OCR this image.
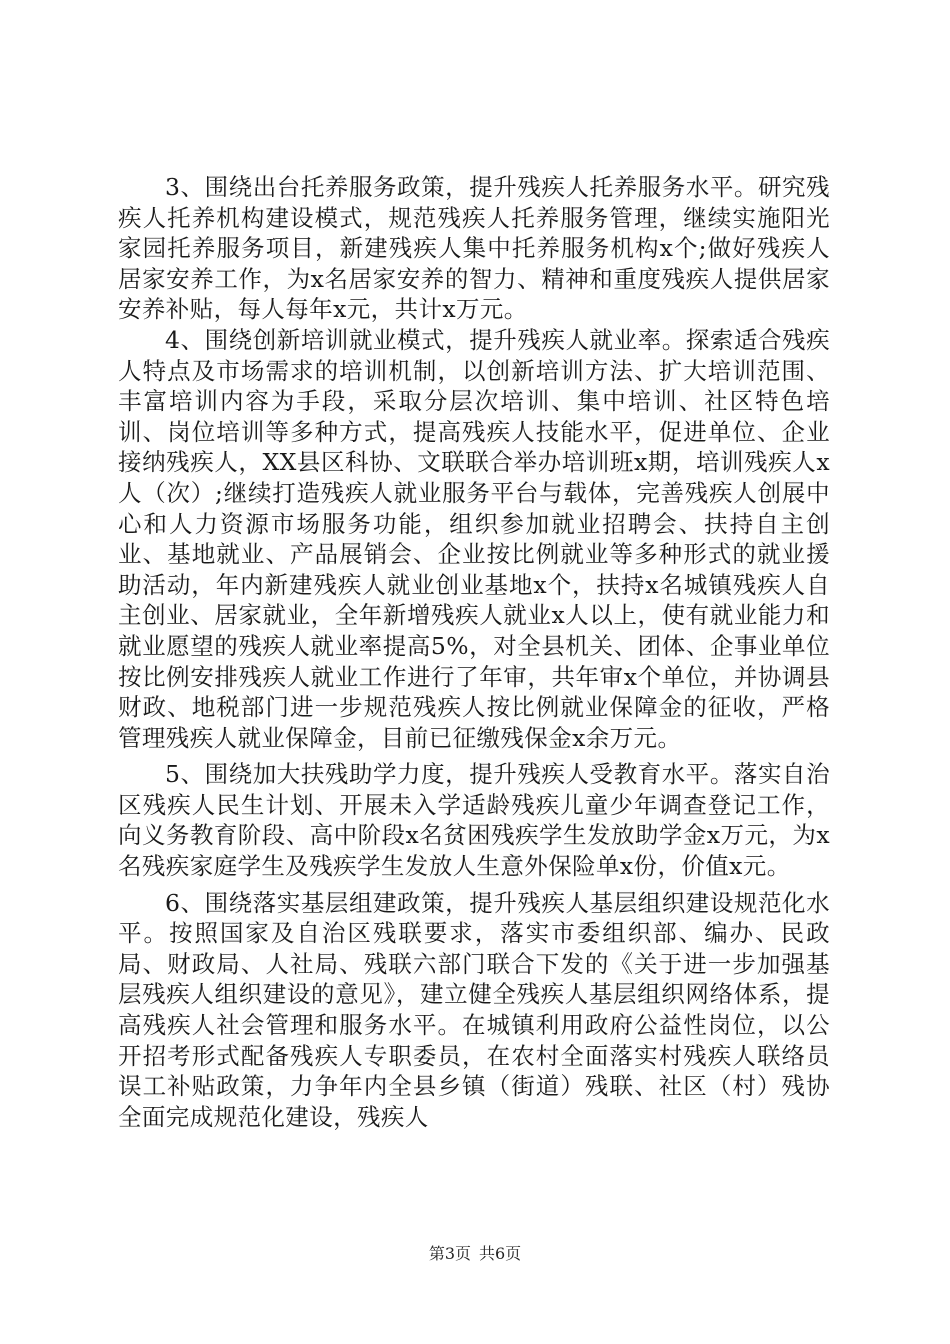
3、围绕出台托养服务政策，提升残疾人托养服务水平。研究残疾人托养机构建设模式，规范残疾人托养服务管理，继续实施阳光家园托养服务项目，新建残疾人集中托养服务机构x个;做好残疾人居家安养工作，为x名居家安养的智力、精神和重度残疾人提供居家安养补贴，每人每年x元，共计x万元。

4、围绕创新培训就业模式，提升残疾人就业率。探索适合残疾人特点及市场需求的培训机制，以创新培训方法、扩大培训范围、丰富培训内容为手段，采取分层次培训、集中培训、社区特色培训、岗位培训等多种方式，提高残疾人技能水平，促进单位、企业接纳残疾人，XX县区科协、文联联合举办培训班x期，培训残疾人x人（次）;继续打造残疾人就业服务平台与载体，完善残疾人创展中心和人力资源市场服务功能，组织参加就业招聘会、扶持自主创业、基地就业、产品展销会、企业按比例就业等多种形式的就业援助活动，年内新建残疾人就业创业基地x个，扶持x名城镇残疾人自主创业、居家就业，全年新增残疾人就业x人以上，使有就业能力和就业愿望的残疾人就业率提高5%，对全县机关、团体、企事业单位按比例安排残疾人就业工作进行了年审，共年审x个单位，并协调县财政、地税部门进一步规范残疾人按比例就业保障金的征收，严格管理残疾人就业保障金，目前已征缴残保金x余万元。

5、围绕加大扶残助学力度，提升残疾人受教育水平。落实自治区残疾人民生计划、开展未入学适龄残疾儿童少年调查登记工作，向义务教育阶段、高中阶段x名贫困残疾学生发放助学金x万元，为x名残疾家庭学生及残疾学生发放人生意外保险单x份，价值x元。

6、围绕落实基层组建政策，提升残疾人基层组织建设规范化水平。按照国家及自治区残联要求，落实市委组织部、编办、民政局、财政局、人社局、残联六部门联合下发的《关于进一步加强基层残疾人组织建设的意见》，建立健全残疾人基层组织网络体系，提高残疾人社会管理和服务水平。在城镇利用政府公益性岗位，以公开招考形式配备残疾人专职委员，在农村全面落实村残疾人联络员误工补贴政策，力争年内全县乡镇（街道）残联、社区（村）残协全面完成规范化建设，残疾人

第3页 共6页
